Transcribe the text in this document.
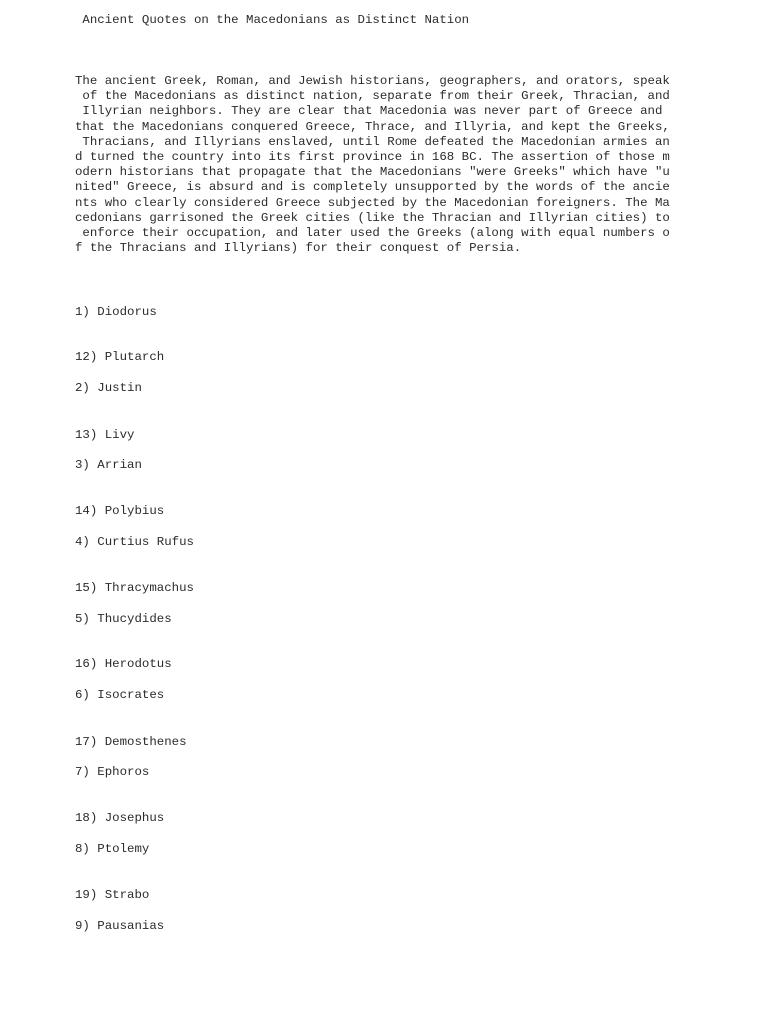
Ancient Quotes on the Macedonians as Distinct Nation

The ancient Greek, Roman, and Jewish historians, geographers, and orators, speak
of the Macedonians as distinct nation, separate from their Greek, Thracian, and
Illyrian neighbors. They are clear that Macedonia was never part of Greece and
that the Macedonians conquered Greece, Thrace, and Illyria, and kept the Greeks,
Thracians, and Illyrians enslaved, until Rome defeated the Macedonian armies an
d turned the country into its first province in 168 BC. The assertion of those m
odern historians that propagate that the Macedonians "were Greeks" which have "u
nited" Greece, is absurd and is completely unsupported by the words of the ancie
nts who clearly considered Greece subjected by the Macedonian foreigners. The Ma
cedonians garrisoned the Greek cities (like the Thracian and Illyrian cities) to
enforce their occupation, and later used the Greeks (along with equal numbers o
f the Thracians and Illyrians) for their conquest of Persia.

1) Diodorus
12) Plutarch
2) Justin
13) Livy
3) Arrian
14) Polybius
4) Curtius Rufus
15) Thracymachus
5) Thucydides
16) Herodotus
6) Isocrates
17) Demosthenes
7) Ephoros
18) Josephus
8) Ptolemy
19) Strabo
9) Pausanias
